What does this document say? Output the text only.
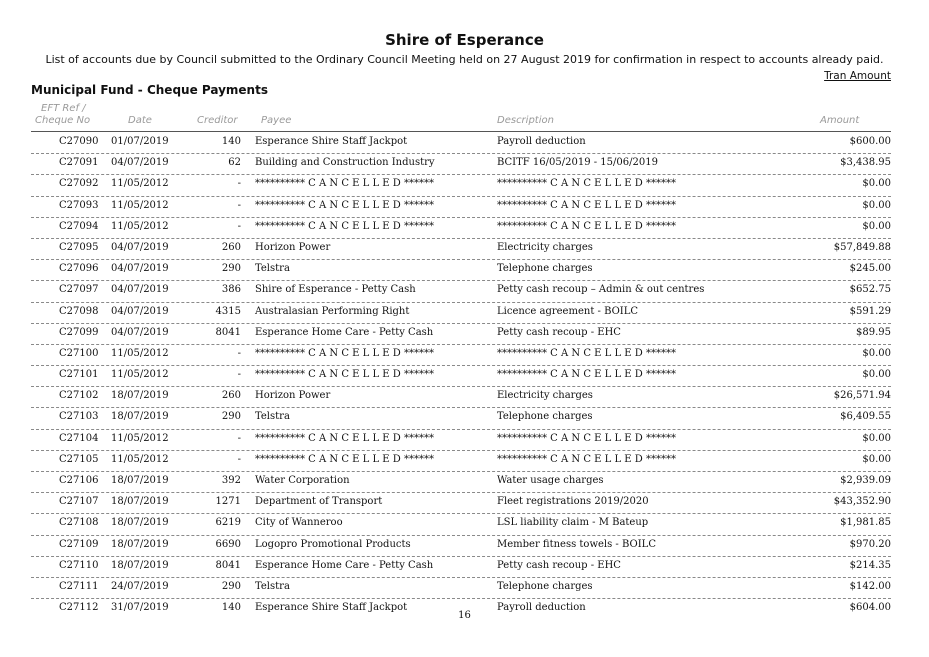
Shire of Esperance
List of accounts due by Council submitted to the Ordinary Council Meeting held on 27 August 2019 for confirmation in respect to accounts already paid.
Tran Amount
Municipal Fund - Cheque Payments
EFT Ref /
Cheque No	Date	Creditor Payee	Description	Amount
C27090 01/07/2019	140 Esperance Shire Staff Jackpot	Payroll deduction	$600.00
C27091 04/07/2019	62 Building and Construction Industry	BCITF 16/05/2019 - 15/06/2019	$3,438.95
C27092 11/05/2012	- ********** C A N C E L L E D ******	********** C A N C E L L E D ******	$0.00
C27093 11/05/2012	- ********** C A N C E L L E D ******	********** C A N C E L L E D ******	$0.00
C27094 11/05/2012	- ********** C A N C E L L E D ******	********** C A N C E L L E D ******	$0.00
C27095 04/07/2019	260 Horizon Power	Electricity charges	$57,849.88
C27096 04/07/2019	290 Telstra	Telephone charges	$245.00
C27097 04/07/2019	386 Shire of Esperance - Petty Cash	Petty cash recoup – Admin & out centres	$652.75
C27098 04/07/2019	4315 Australasian Performing Right	Licence agreement - BOILC	$591.29
C27099 04/07/2019	8041 Esperance Home Care - Petty Cash	Petty cash recoup - EHC	$89.95
C27100 11/05/2012	- ********** C A N C E L L E D ******	********** C A N C E L L E D ******	$0.00
C27101 11/05/2012	- ********** C A N C E L L E D ******	********** C A N C E L L E D ******	$0.00
C27102 18/07/2019	260 Horizon Power	Electricity charges	$26,571.94
C27103 18/07/2019	290 Telstra	Telephone charges	$6,409.55
C27104 11/05/2012	- ********** C A N C E L L E D ******	********** C A N C E L L E D ******	$0.00
C27105 11/05/2012	- ********** C A N C E L L E D ******	********** C A N C E L L E D ******	$0.00
C27106 18/07/2019	392 Water Corporation	Water usage charges	$2,939.09
C27107 18/07/2019	1271 Department of Transport	Fleet registrations 2019/2020	$43,352.90
C27108 18/07/2019	6219 City of Wanneroo	LSL liability claim - M Bateup	$1,981.85
C27109 18/07/2019	6690 Logopro Promotional Products	Member fitness towels - BOILC	$970.20
C27110 18/07/2019	8041 Esperance Home Care - Petty Cash	Petty cash recoup - EHC	$214.35
C27111 24/07/2019	290 Telstra	Telephone charges	$142.00
C27112 31/07/2019	140 Esperance Shire Staff Jackpot	Payroll deduction	$604.00
16
